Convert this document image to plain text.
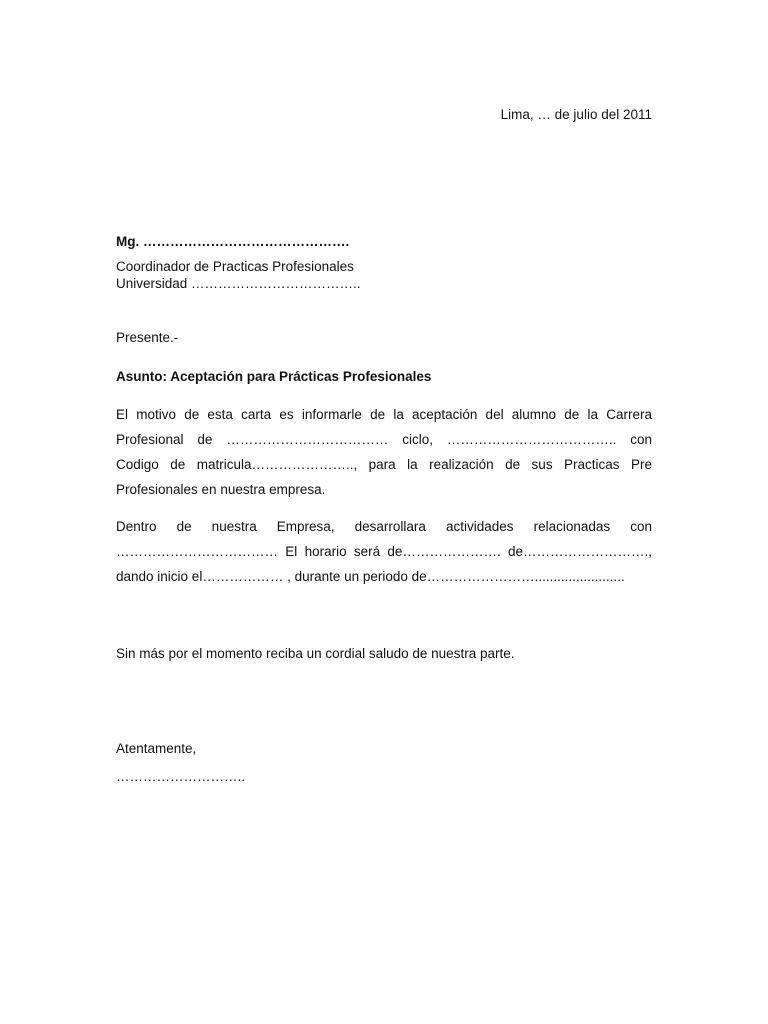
Lima, … de julio del 2011
Mg. ……………………………………….
Coordinador de Practicas Profesionales
Universidad ………………………………..
Presente.-
Asunto: Aceptación para Prácticas Profesionales
El motivo de esta carta es informarle de la aceptación del alumno de la Carrera
Profesional de ……………………………… ciclo, ……………………………….. con
Codigo de matricula………………….., para la realización de sus Practicas Pre
Profesionales en nuestra empresa.
Dentro de nuestra Empresa, desarrollara actividades relacionadas con
……………………………… El horario será de…………………. de……………………….,
dando inicio el……………… , durante un periodo de……………………........................
Sin más por el momento reciba un cordial saludo de nuestra parte.
Atentamente,
………………………..
